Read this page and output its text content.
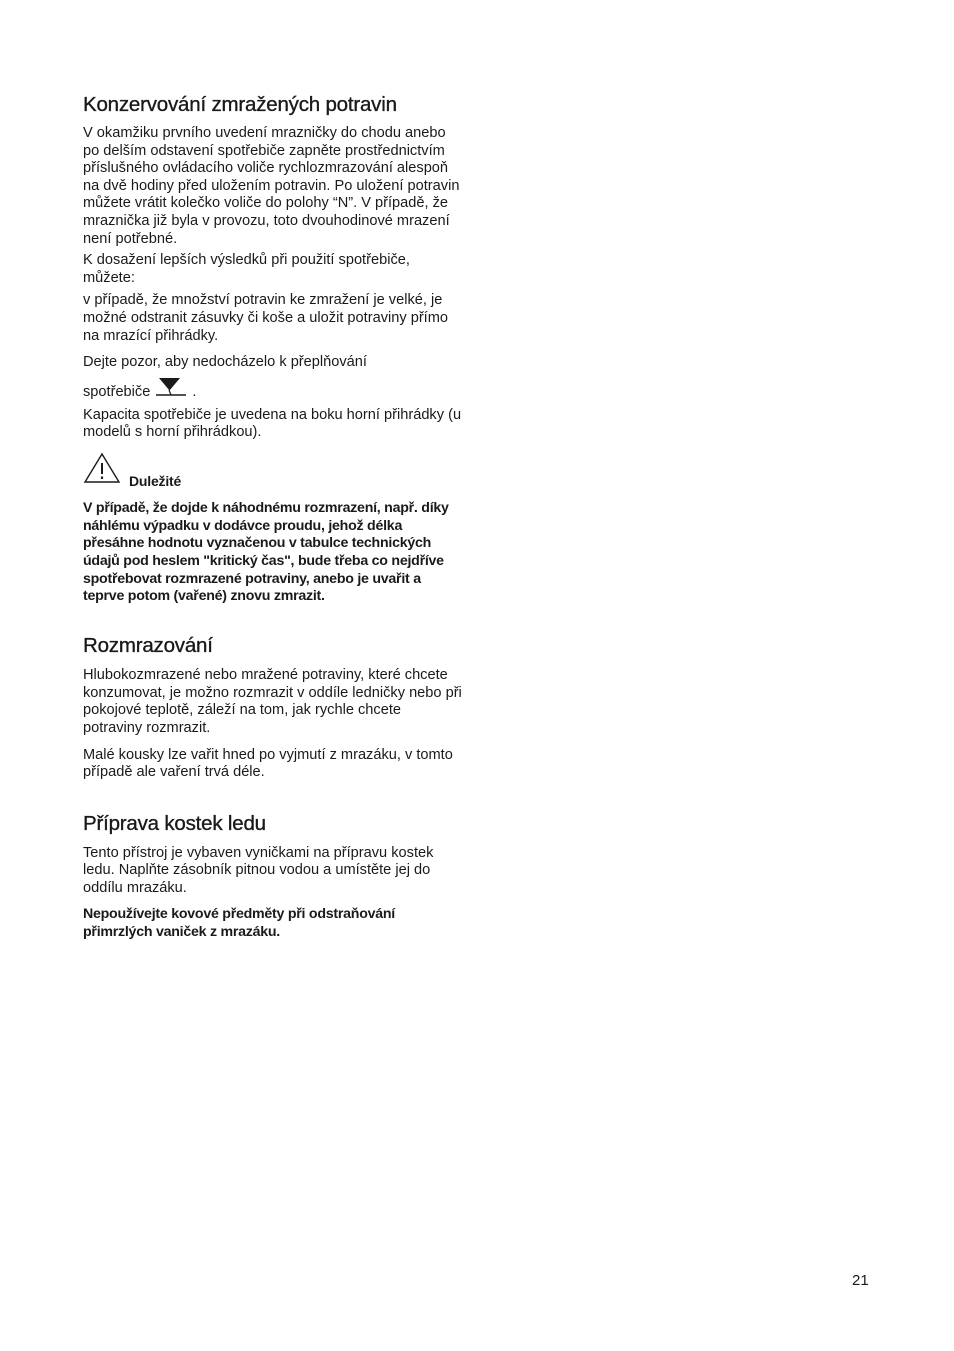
Konzervování zmražených potravin

V okamžiku prvního uvedení mrazničky do chodu anebo po delším odstavení spotřebiče zapněte prostřednictvím příslušného ovládacího voliče rychlozmrazování alespoň na dvě hodiny před uložením potravin. Po uložení potravin můžete vrátit kolečko voliče do polohy “N”. V případě, že mraznička již byla v provozu, toto dvouhodinové mrazení není potřebné.

K dosažení lepších výsledků při použití spotřebiče, můžete:

v případě, že množství potravin ke zmražení je velké, je možné odstranit zásuvky či koše a uložit potraviny přímo na mrazící přihrádky.

Dejte pozor, aby nedocházelo k přeplňování

spotřebiče	.

Kapacita spotřebiče je uvedena na boku horní přihrádky (u modelů s horní přihrádkou).

Duležité

V případě, že dojde k náhodnému rozmrazení, např. díky náhlému výpadku v dodávce proudu, jehož délka přesáhne hodnotu vyznačenou v tabulce technických údajů pod heslem "kritický čas", bude třeba co nejdříve spotřebovat rozmrazené potraviny, anebo je uvařit a teprve potom (vařené) znovu zmrazit.

Rozmrazování

Hlubokozmrazené nebo mražené potraviny, které chcete konzumovat, je možno rozmrazit v oddíle ledničky nebo při pokojové teplotě, záleží na tom, jak rychle chcete potraviny rozmrazit.

Malé kousky lze vařit hned po vyjmutí z mrazáku, v tomto případě ale vaření trvá déle.

Příprava kostek ledu

Tento přístroj je vybaven vyničkami na přípravu kostek ledu. Naplňte zásobník pitnou vodou a umístěte jej do oddílu mrazáku.

Nepoužívejte kovové předměty při odstraňování přimrzlých vaniček z mrazáku.

21
